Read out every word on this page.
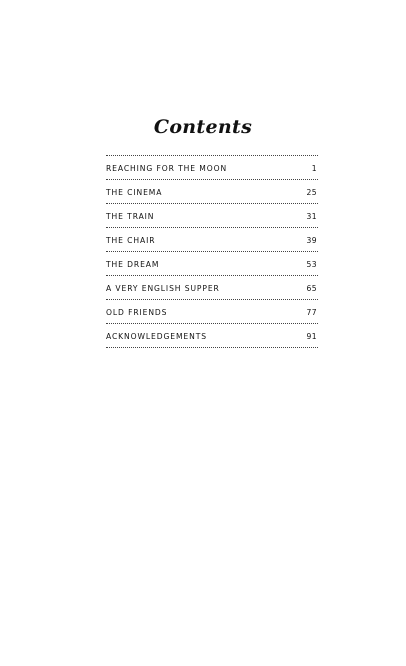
Contents
REACHING FOR THE MOON	1
THE CINEMA	25
THE TRAIN	31
THE CHAIR	39
THE DREAM	53
A VERY ENGLISH SUPPER	65
OLD FRIENDS	77
ACKNOWLEDGEMENTS	91
